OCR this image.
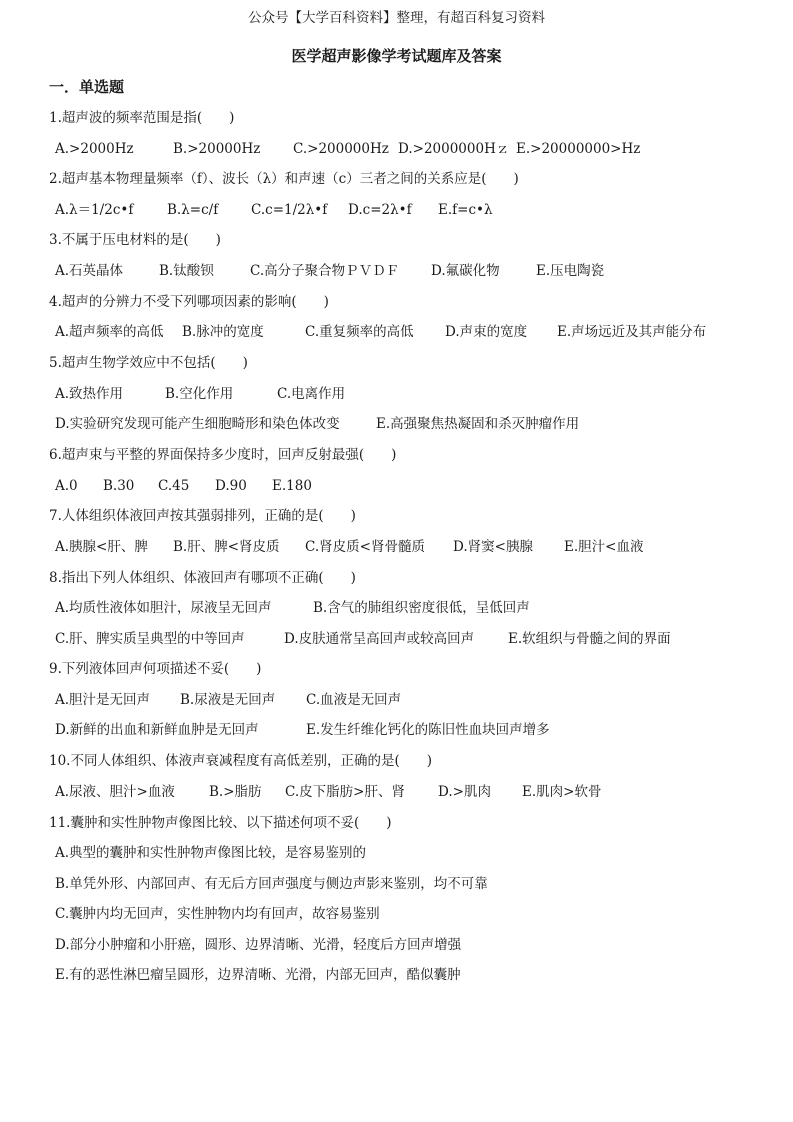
公众号【大学百科资料】整理，有超百科复习资料
医学超声影像学考试题库及答案
一．单选题
1.超声波的频率范围是指(　　)
A.>2000Hz	B.>20000Hz C.>200000Hz D.>2000000Hｚ E.>20000000>Hz
2.超声基本物理量频率（f）、波长（λ）和声速（c）三者之间的关系应是(　　)
A.λ＝1/2c•f B.λ=c/f C.c=1/2λ•f D.c=2λ•f E.f=c•λ
3.不属于压电材料的是(　　)
A.石英晶体	B.钛酸钡	C.高分子聚合物ＰＶＤＦ D.氟碳化物	E.压电陶瓷
4.超声的分辨力不受下列哪项因素的影响(　　)
A.超声频率的高低 B.脉冲的宽度	C.重复频率的高低 D.声束的宽度 E.声场远近及其声能分布
5.超声生物学效应中不包括(　　)
A.致热作用	B.空化作用	C.电离作用
D.实验研究发现可能产生细胞畸形和染色体改变	E.高强聚焦热凝固和杀灭肿瘤作用
6.超声束与平整的界面保持多少度时，回声反射最强(　　)
A.0 B.30 C.45 D.90 E.180
7.人体组织体液回声按其强弱排列，正确的是(　　)
A.胰腺<肝、脾 B.肝、脾<肾皮质 C.肾皮质<肾骨髓质 D.肾窦<胰腺 E.胆汁<血液
8.指出下列人体组织、体液回声有哪项不正确(　　)
A.均质性液体如胆汁，尿液呈无回声	B.含气的肺组织密度很低，呈低回声
C.肝、脾实质呈典型的中等回声	D.皮肤通常呈高回声或较高回声	E.软组织与骨髓之间的界面
9.下列液体回声何项描述不妥(　　)
A.胆汁是无回声 B.尿液是无回声 C.血液是无回声
D.新鲜的出血和新鲜血肿是无回声	E.发生纤维化钙化的陈旧性血块回声增多
10.不同人体组织、体液声衰减程度有高低差别，正确的是(　　)
A.尿液、胆汁>血液	B.>脂肪 C.皮下脂肪>肝、肾 D.>肌肉 E.肌肉>软骨
11.囊肿和实性肿物声像图比较、以下描述何项不妥(　　)
A.典型的囊肿和实性肿物声像图比较，是容易鉴别的
B.单凭外形、内部回声、有无后方回声强度与侧边声影来鉴别，均不可靠
C.囊肿内均无回声，实性肿物内均有回声，故容易鉴别
D.部分小肿瘤和小肝癌，圆形、边界清晰、光滑，轻度后方回声增强
E.有的恶性淋巴瘤呈圆形，边界清晰、光滑，内部无回声，酷似囊肿
